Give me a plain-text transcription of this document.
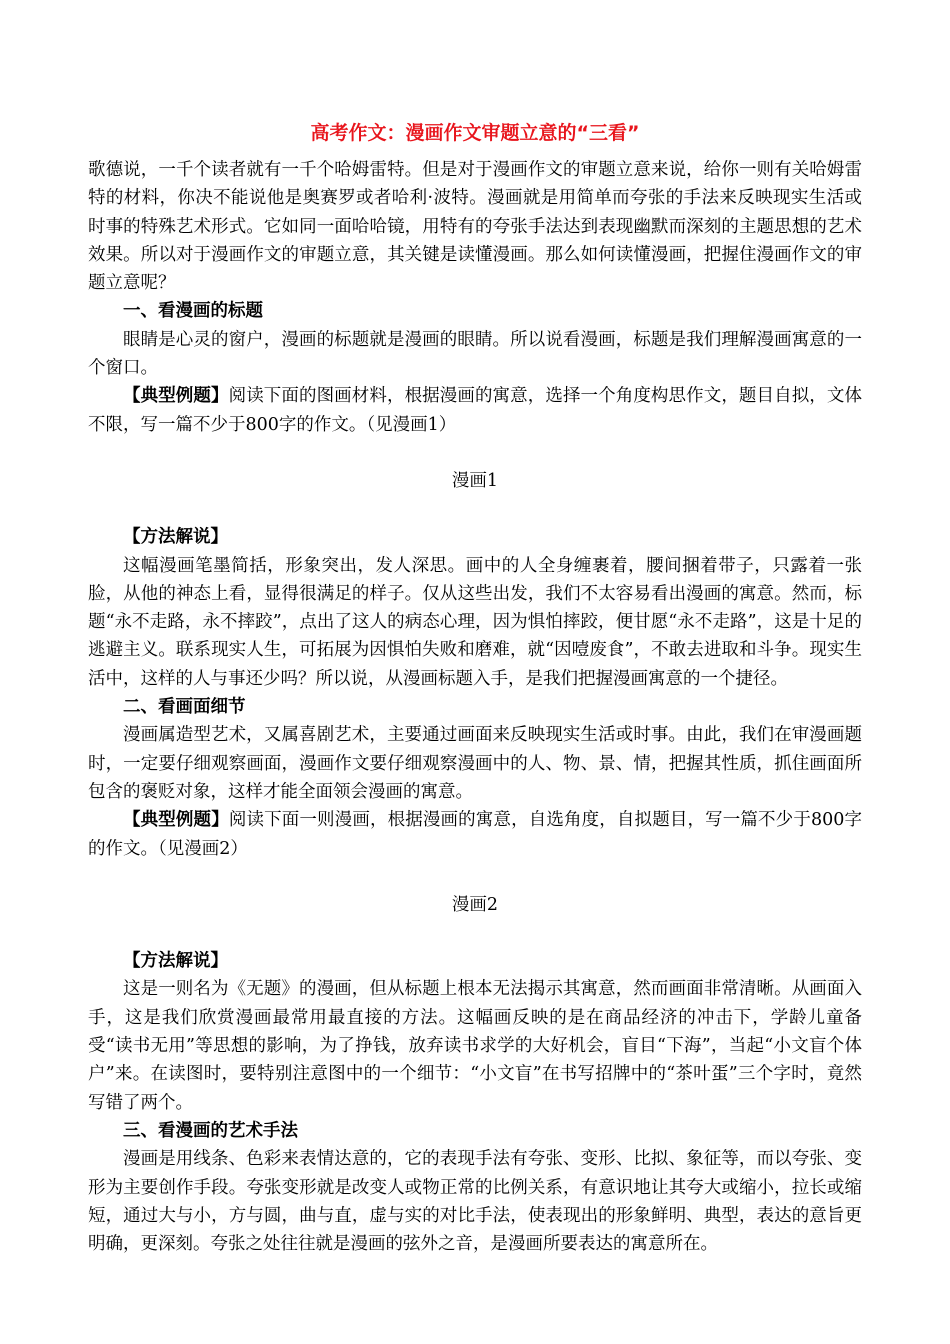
高考作文：漫画作文审题立意的“三看”

歌德说，一千个读者就有一千个哈姆雷特。但是对于漫画作文的审题立意来说，给你一则有关哈姆雷特的材料，你决不能说他是奥赛罗或者哈利·波特。漫画就是用简单而夸张的手法来反映现实生活或时事的特殊艺术形式。它如同一面哈哈镜，用特有的夸张手法达到表现幽默而深刻的主题思想的艺术效果。所以对于漫画作文的审题立意，其关键是读懂漫画。那么如何读懂漫画，把握住漫画作文的审题立意呢？

一、看漫画的标题

眼睛是心灵的窗户，漫画的标题就是漫画的眼睛。所以说看漫画，标题是我们理解漫画寓意的一个窗口。

【典型例题】阅读下面的图画材料，根据漫画的寓意，选择一个角度构思作文，题目自拟，文体不限，写一篇不少于800字的作文。（见漫画1）

漫画1
【方法解说】

这幅漫画笔墨简括，形象突出，发人深思。画中的人全身缠裹着，腰间捆着带子，只露着一张脸，从他的神态上看，显得很满足的样子。仅从这些出发，我们不太容易看出漫画的寓意。然而，标题“永不走路，永不摔跤”，点出了这人的病态心理，因为惧怕摔跤，便甘愿“永不走路”，这是十足的逃避主义。联系现实人生，可拓展为因惧怕失败和磨难，就“因噎废食”，不敢去进取和斗争。现实生活中，这样的人与事还少吗？所以说，从漫画标题入手，是我们把握漫画寓意的一个捷径。

二、看画面细节

漫画属造型艺术，又属喜剧艺术，主要通过画面来反映现实生活或时事。由此，我们在审漫画题时，一定要仔细观察画面，漫画作文要仔细观察漫画中的人、物、景、情，把握其性质，抓住画面所包含的褒贬对象，这样才能全面领会漫画的寓意。

【典型例题】阅读下面一则漫画，根据漫画的寓意，自选角度，自拟题目，写一篇不少于800字的作文。（见漫画2）

漫画2
【方法解说】

这是一则名为《无题》的漫画，但从标题上根本无法揭示其寓意，然而画面非常清晰。从画面入手，这是我们欣赏漫画最常用最直接的方法。这幅画反映的是在商品经济的冲击下，学龄儿童备受“读书无用”等思想的影响，为了挣钱，放弃读书求学的大好机会，盲目“下海”，当起“小文盲个体户”来。在读图时，要特别注意图中的一个细节：“小文盲”在书写招牌中的“茶叶蛋”三个字时，竟然写错了两个。

三、看漫画的艺术手法

漫画是用线条、色彩来表情达意的，它的表现手法有夸张、变形、比拟、象征等，而以夸张、变形为主要创作手段。夸张变形就是改变人或物正常的比例关系，有意识地让其夸大或缩小，拉长或缩短，通过大与小，方与圆，曲与直，虚与实的对比手法，使表现出的形象鲜明、典型，表达的意旨更明确，更深刻。夸张之处往往就是漫画的弦外之音，是漫画所要表达的寓意所在。
